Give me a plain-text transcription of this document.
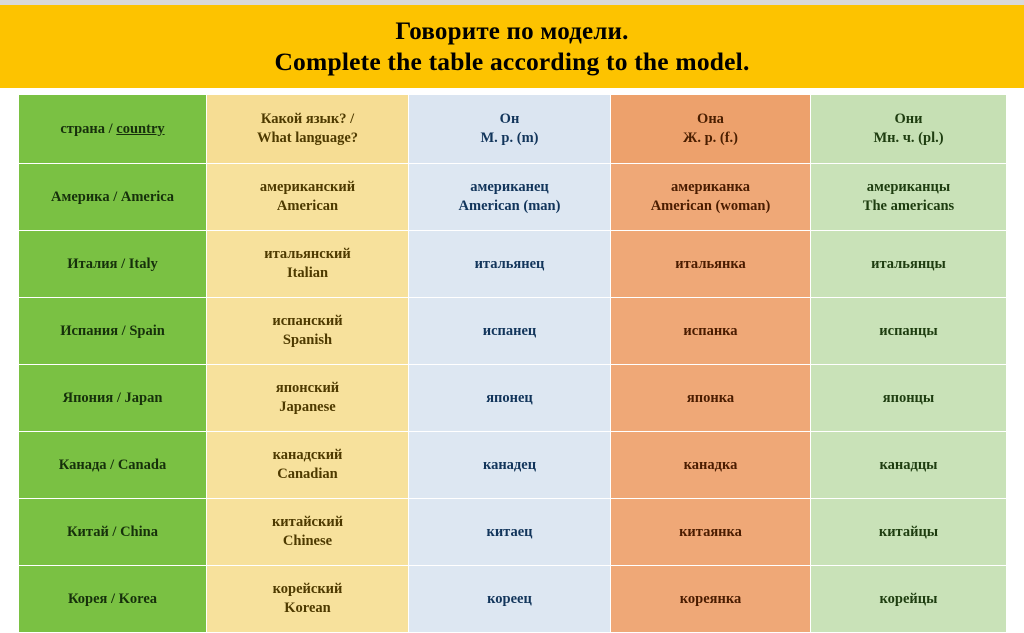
Говорите по модели.
Complete the table according to the model.
страна / country	Какой язык? /
What language?	Он
М. р. (m)	Она
Ж. р. (f.)	Они
Мн. ч. (pl.)

Америка / America	американский
American	американец
American (man)	американка
American (woman)	американцы
The americans

Италия / Italy	итальянский
Italian	итальянец	итальянка	итальянцы

Испания / Spain	испанский
Spanish	испанец	испанка	испанцы

Япония / Japan	японский
Japanese	японец	японка	японцы

Канада / Canada	канадский
Canadian	канадец	канадка	канадцы

Китай / China	китайский
Chinese	китаец	китаянка	китайцы

Корея / Korea	корейский
Korean	кореец	кореянка	корейцы
